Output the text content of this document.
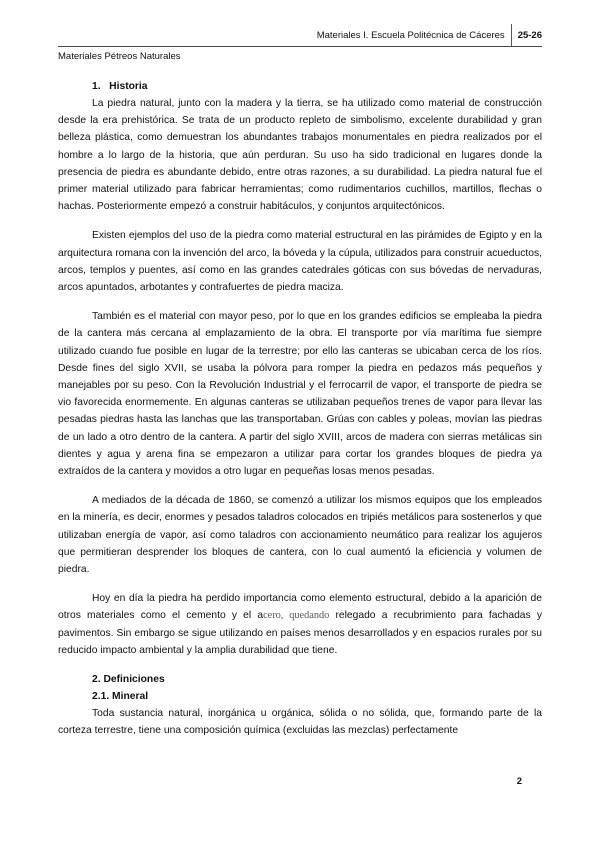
Materiales I. Escuela Politécnica de Cáceres	25-26
Materiales Pétreos Naturales
1.   Historia

La piedra natural, junto con la madera y la tierra, se ha utilizado como material de construcción desde la era prehistórica. Se trata de un producto repleto de simbolismo, excelente durabilidad y gran belleza plástica, como demuestran los abundantes trabajos monumentales en piedra realizados por el hombre a lo largo de la historia, que aún perduran. Su uso ha sido tradicional en lugares donde la presencia de piedra es abundante debido, entre otras razones, a su durabilidad. La piedra natural fue el primer material utilizado para fabricar herramientas; como rudimentarios cuchillos, martillos, flechas o hachas. Posteriormente empezó a construir habitáculos, y conjuntos arquitectónicos.

Existen ejemplos del uso de la piedra como material estructural en las pirámides de Egipto y en la arquitectura romana con la invención del arco, la bóveda y la cúpula, utilizados para construir acueductos, arcos, templos y puentes, así como en las grandes catedrales góticas con sus bóvedas de nervaduras, arcos apuntados, arbotantes y contrafuertes de piedra maciza.

También es el material con mayor peso, por lo que en los grandes edificios se empleaba la piedra de la cantera más cercana al emplazamiento de la obra. El transporte por vía marítima fue siempre utilizado cuando fue posible en lugar de la terrestre; por ello las canteras se ubicaban cerca de los ríos. Desde fines del siglo XVII, se usaba la pólvora para romper la piedra en pedazos más pequeños y manejables por su peso. Con la Revolución Industrial y el ferrocarril de vapor, el transporte de piedra se vio favorecida enormemente. En algunas canteras se utilizaban pequeños trenes de vapor para llevar las pesadas piedras hasta las lanchas que las transportaban. Grúas con cables y poleas, movían las piedras de un lado a otro dentro de la cantera. A partir del siglo XVIII, arcos de madera con sierras metálicas sin dientes y agua y arena fina se empezaron a utilizar para cortar los grandes bloques de piedra ya extraídos de la cantera y movidos a otro lugar en pequeñas losas menos pesadas.

A mediados de la década de 1860, se comenzó a utilizar los mismos equipos que los empleados en la minería, es decir, enormes y pesados taladros colocados en tripiés metálicos para sostenerlos y que utilizaban energía de vapor, así como taladros con accionamiento neumático para realizar los agujeros que permitieran desprender los bloques de cantera, con lo cual aumentó la eficiencia y volumen de piedra.

Hoy en día la piedra ha perdido importancia como elemento estructural, debido a la aparición de otros materiales como el cemento y el acero, quedando relegado a recubrimiento para fachadas y pavimentos. Sin embargo se sigue utilizando en países menos desarrollados y en espacios rurales por su reducido impacto ambiental y la amplia durabilidad que tiene.

2. Definiciones
2.1. Mineral

Toda sustancia natural, inorgánica u orgánica, sólida o no sólida, que, formando parte de la corteza terrestre, tiene una composición química (excluidas las mezclas) perfectamente

2
